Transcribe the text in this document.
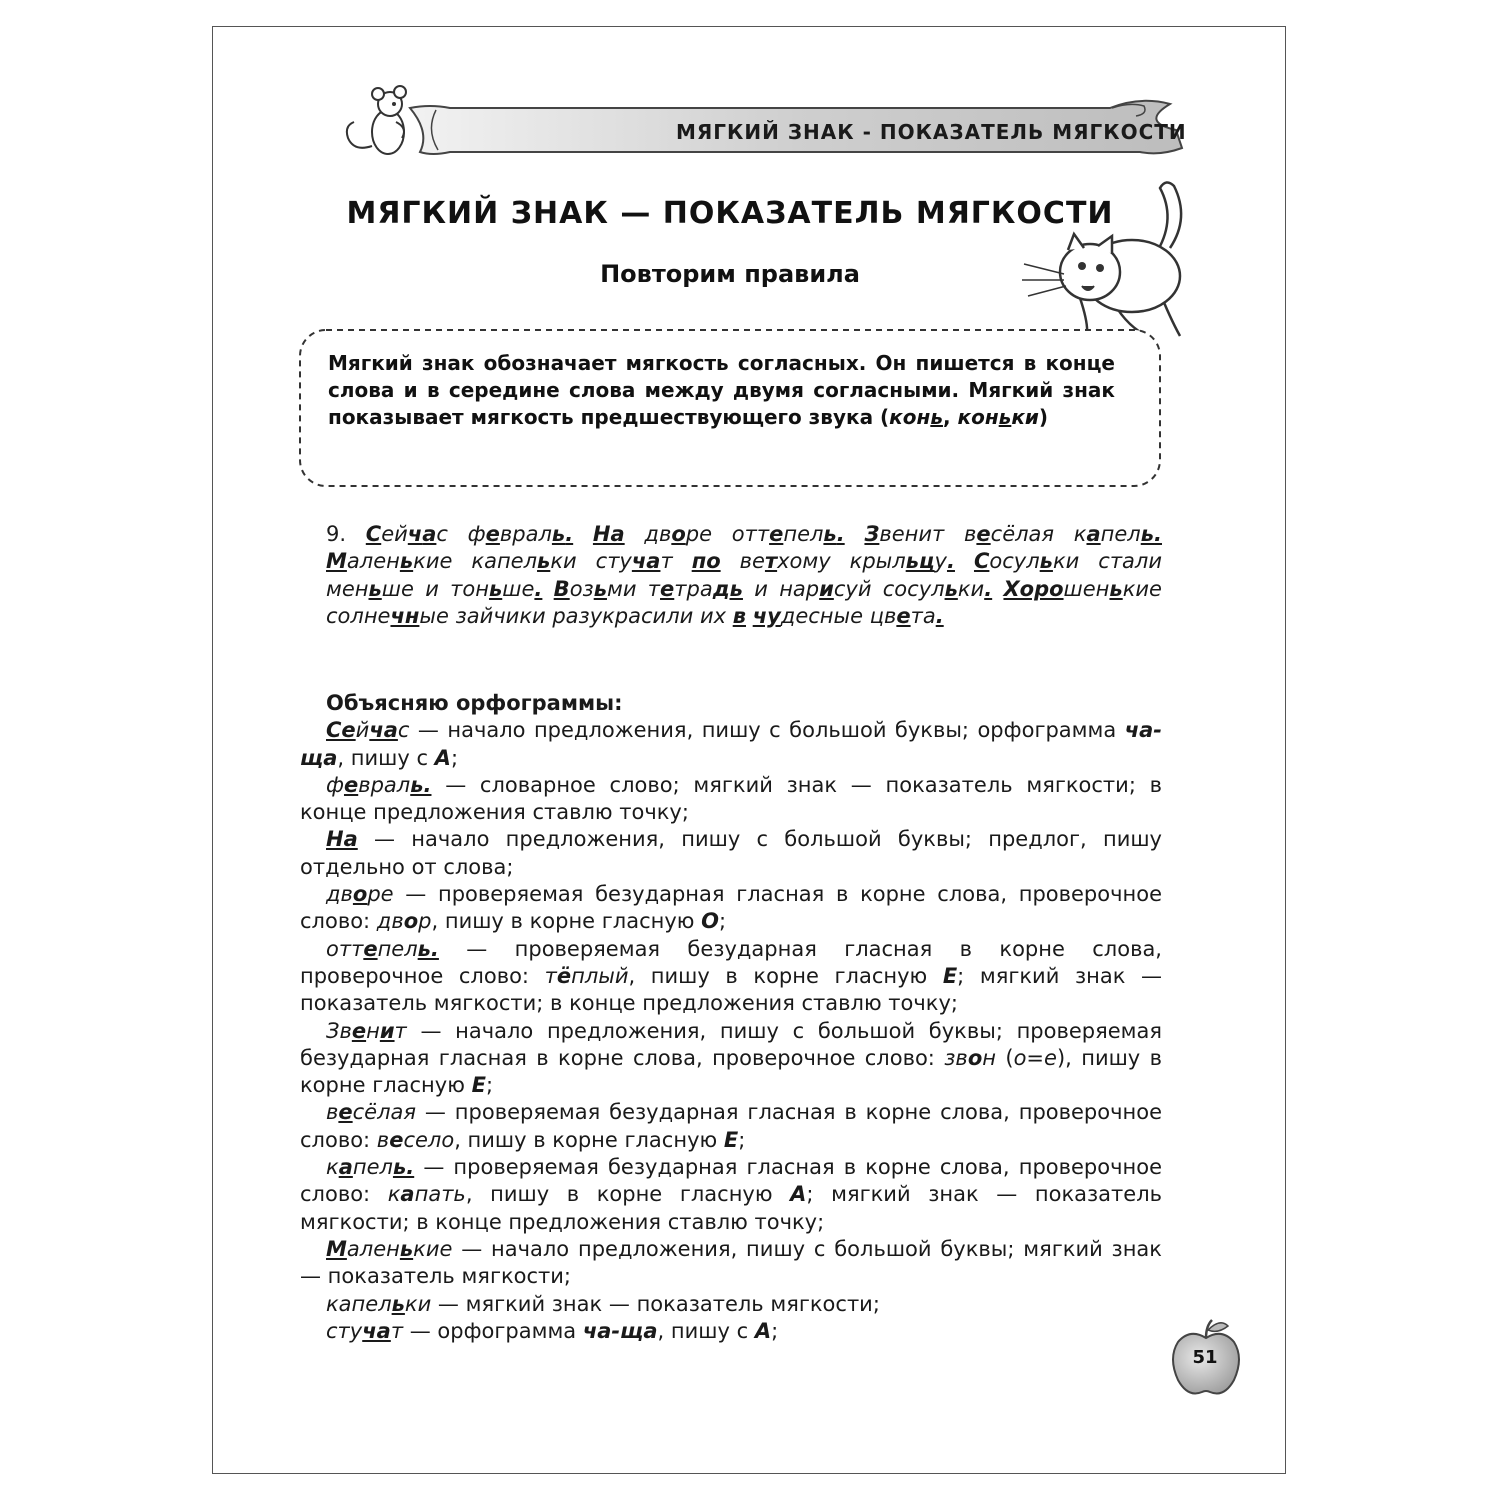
МЯГКИЙ ЗНАК - ПОКАЗАТЕЛЬ МЯГКОСТИ
МЯГКИЙ ЗНАК — ПОКАЗАТЕЛЬ МЯГКОСТИ
Повторим правила
Мягкий знак обозначает мягкость согласных. Он пишется в конце слова и в середине слова между двумя согласными. Мягкий знак показывает мягкость предшествующего звука (конь, коньки)
9. Сейчас февраль. На дворе оттепель. Звенит весёлая капель. Маленькие капельки стучат по ветхому крыльцу. Сосульки стали меньше и тоньше. Возьми тетрадь и нарисуй сосульки. Хорошенькие солнечные зайчики разукрасили их в чудесные цвета.
Объясняю орфограммы:

Сейчас — начало предложения, пишу с большой буквы; орфограмма ча-ща, пишу с А;

февраль. — словарное слово; мягкий знак — показатель мягкости; в конце предложения ставлю точку;

На — начало предложения, пишу с большой буквы; предлог, пишу отдельно от слова;

дворе — проверяемая безударная гласная в корне слова, проверочное слово: двор, пишу в корне гласную О;

оттепель. — проверяемая безударная гласная в корне слова, проверочное слово: тёплый, пишу в корне гласную Е; мягкий знак — показатель мягкости; в конце предложения ставлю точку;

Звенит — начало предложения, пишу с большой буквы; проверяемая безударная гласная в корне слова, проверочное слово: звон (о=е), пишу в корне гласную Е;

весёлая — проверяемая безударная гласная в корне слова, проверочное слово: весело, пишу в корне гласную Е;

капель. — проверяемая безударная гласная в корне слова, проверочное слово: капать, пишу в корне гласную А; мягкий знак — показатель мягкости; в конце предложения ставлю точку;

Маленькие — начало предложения, пишу с большой буквы; мягкий знак — показатель мягкости;

капельки — мягкий знак — показатель мягкости;

стучат — орфограмма ча-ща, пишу с А;

51
